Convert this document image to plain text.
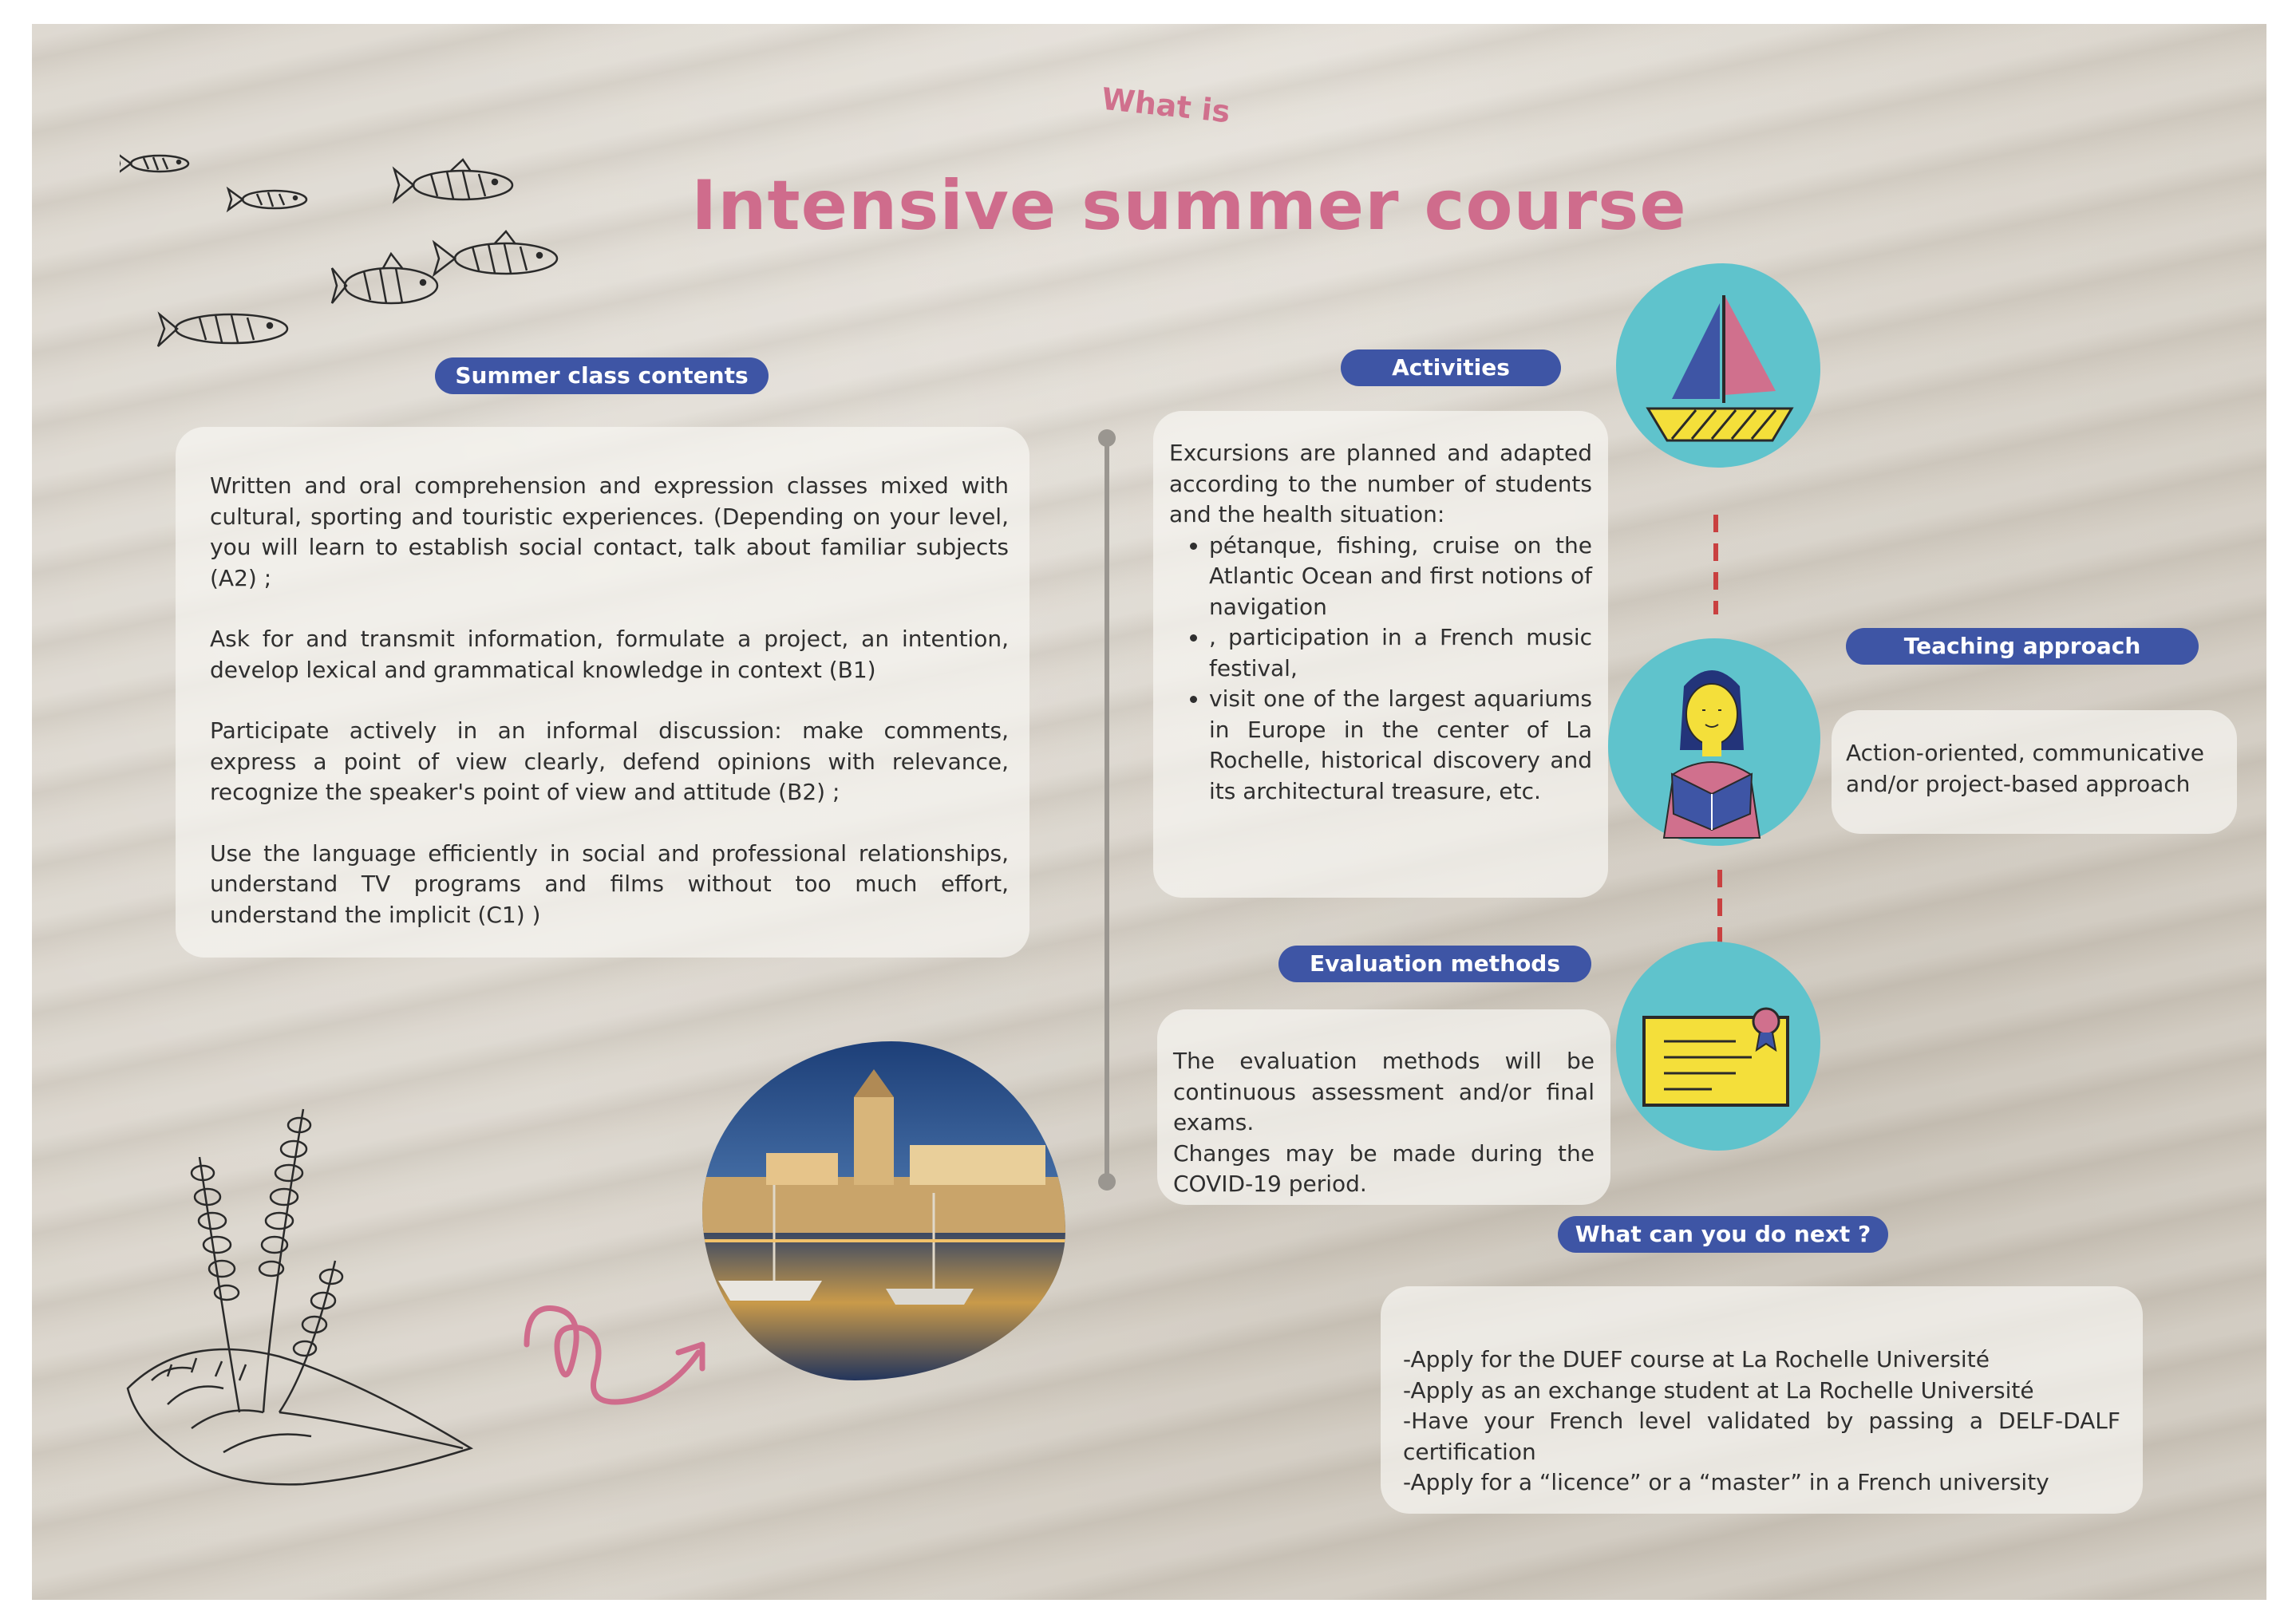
What is
Intensive summer course
Summer class contents

Written and oral comprehension and expression classes mixed with cultural, sporting and touristic experiences. (Depending on your level, you will learn to establish social contact, talk about familiar subjects (A2) ;

Ask for and transmit information, formulate a project, an intention, develop lexical and grammatical knowledge in context (B1)

Participate actively in an informal discussion: make comments, express a point of view clearly, defend opinions with relevance, recognize the speaker's point of view and attitude (B2) ;

Use the language efficiently in social and professional relationships, understand TV programs and films without too much effort, understand the implicit (C1) )

Activities

Excursions are planned and adapted according to the number of students and the health situation:

• pétanque, fishing, cruise on the Atlantic Ocean and first notions of navigation
• , participation in a French music festival,
• visit one of the largest aquariums in Europe in the center of La Rochelle, historical discovery and its architectural treasure, etc.
Teaching approach

Action-oriented, communicative and/or project-based approach

Evaluation methods

The evaluation methods will be continuous assessment and/or final exams.

Changes may be made during the COVID-19 period.

What can you do next ?

-Apply for the DUEF course at La Rochelle Université

-Apply as an exchange student at La Rochelle Université

-Have your French level validated by passing a DELF-DALF certification

-Apply for a “licence” or a “master” in a French university
